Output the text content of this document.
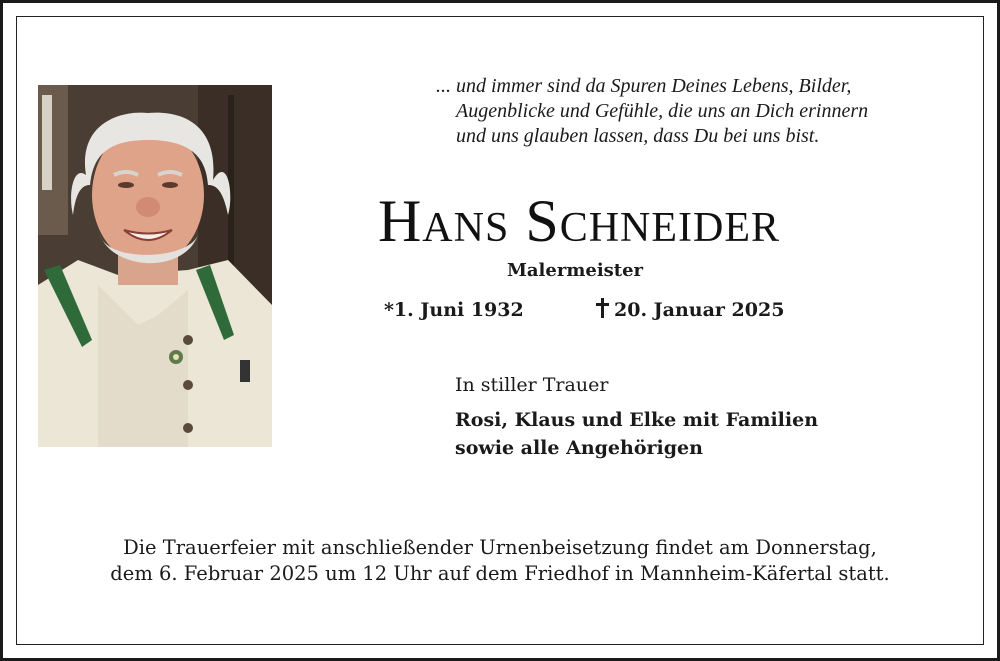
... und immer sind da Spuren Deines Lebens, Bilder,
Augenblicke und Gefühle, die uns an Dich erinnern
und uns glauben lassen, dass Du bei uns bist.
Hans Schneider
Malermeister
*1. Juni 1932	20. Januar 2025
In stiller Trauer
Rosi, Klaus und Elke mit Familien
sowie alle Angehörigen
Die Trauerfeier mit anschließender Urnenbeisetzung findet am Donnerstag,
dem 6. Februar 2025 um 12 Uhr auf dem Friedhof in Mannheim-Käfertal statt.
